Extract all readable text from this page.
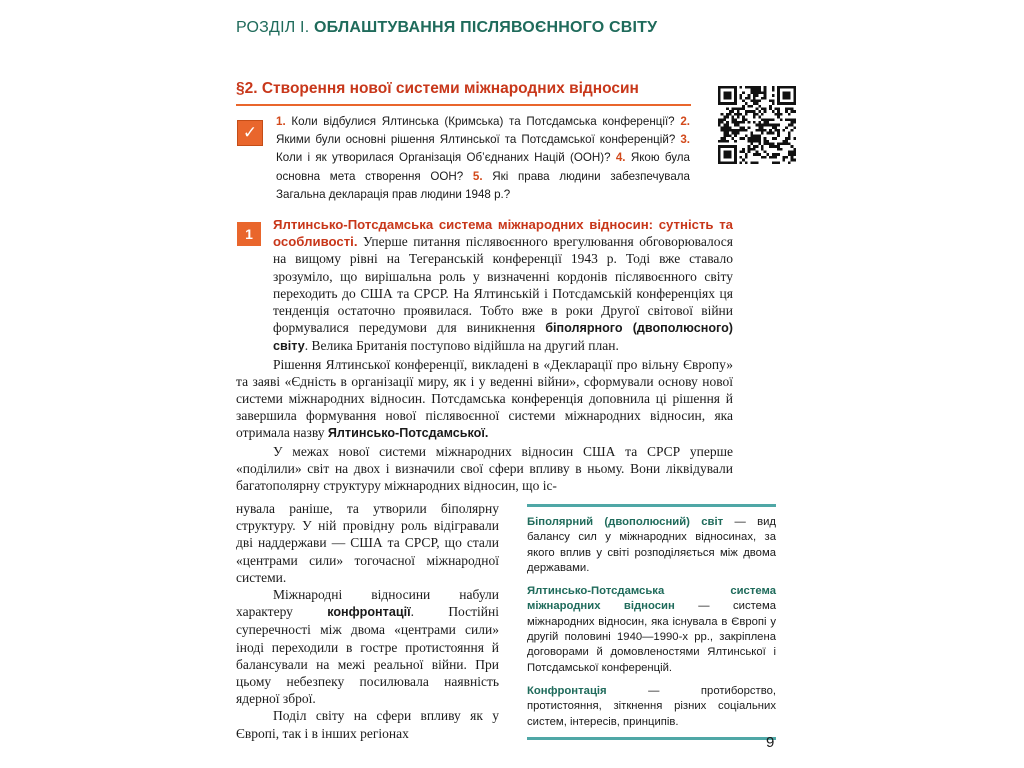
РОЗДІЛ І. ОБЛАШТУВАННЯ ПІСЛЯВОЄННОГО СВІТУ
§2. Створення нової системи міжнародних відносин
✓
1. Коли відбулися Ялтинська (Кримська) та Потсдамська конференції? 2. Якими були основні рішення Ялтинської та Потсдамської конференцій? 3. Коли і як утворилася Організація Об’єднаних Націй (ООН)? 4. Якою була основна мета створення ООН? 5. Які права людини забезпечувала Загальна декларація прав людини 1948 р.?
1

Ялтинсько-Потсдамська система міжнародних відносин: сутність та особливості. Уперше питання післявоєнного врегулювання обговорювалося на вищому рівні на Тегеранській конференції 1943 р. Тоді вже ставало зрозуміло, що вирішальна роль у визначенні кордонів післявоєнного світу переходить до США та СРСР. На Ялтинській і Потсдамській конференціях ця тенденція остаточно проявилася. Тобто вже в роки Другої світової війни формувалися передумови для виникнення біполярного (двополюсного) світу. Велика Британія поступово відійшла на другий план.

Рішення Ялтинської конференції, викладені в «Декларації про вільну Європу» та заяві «Єдність в організації миру, як і у веденні війни», сформували основу нової системи міжнародних відносин. Потсдамська конференція доповнила ці рішення й завершила формування нової післявоєнної системи міжнародних відносин, яка отримала назву Ялтинсько-Потсдамської.

У межах нової системи міжнародних відносин США та СРСР уперше «поділили» світ на двох і визначили свої сфери впливу в ньому. Вони ліквідували багатополярну структуру міжнародних відносин, що іс-

нувала раніше, та утворили біполярну структуру. У ній провідну роль відігравали дві наддержави — США та СРСР, що стали «центрами сили» тогочасної міжнародної системи.

Міжнародні відносини набули характеру конфронтації. Постійні суперечності між двома «центрами сили» іноді переходили в гостре протистояння й балансували на межі реальної війни. При цьому небезпеку посилювала наявність ядерної зброї.

Поділ світу на сфери впливу як у Європі, так і в інших регіонах

Біполярний (двополюсний) світ — вид балансу сил у міжнародних відносинах, за якого вплив у світі розподіляється між двома державами.

Ялтинсько-Потсдамська система міжнародних відносин — система міжнародних відносин, яка існувала в Європі у другій половині 1940—1990-х рр., закріплена договорами й домовленостями Ялтинської і Потсдамської конференцій.

Конфронтація — протиборство, протистояння, зіткнення різних соціальних систем, інтересів, принципів.

9
